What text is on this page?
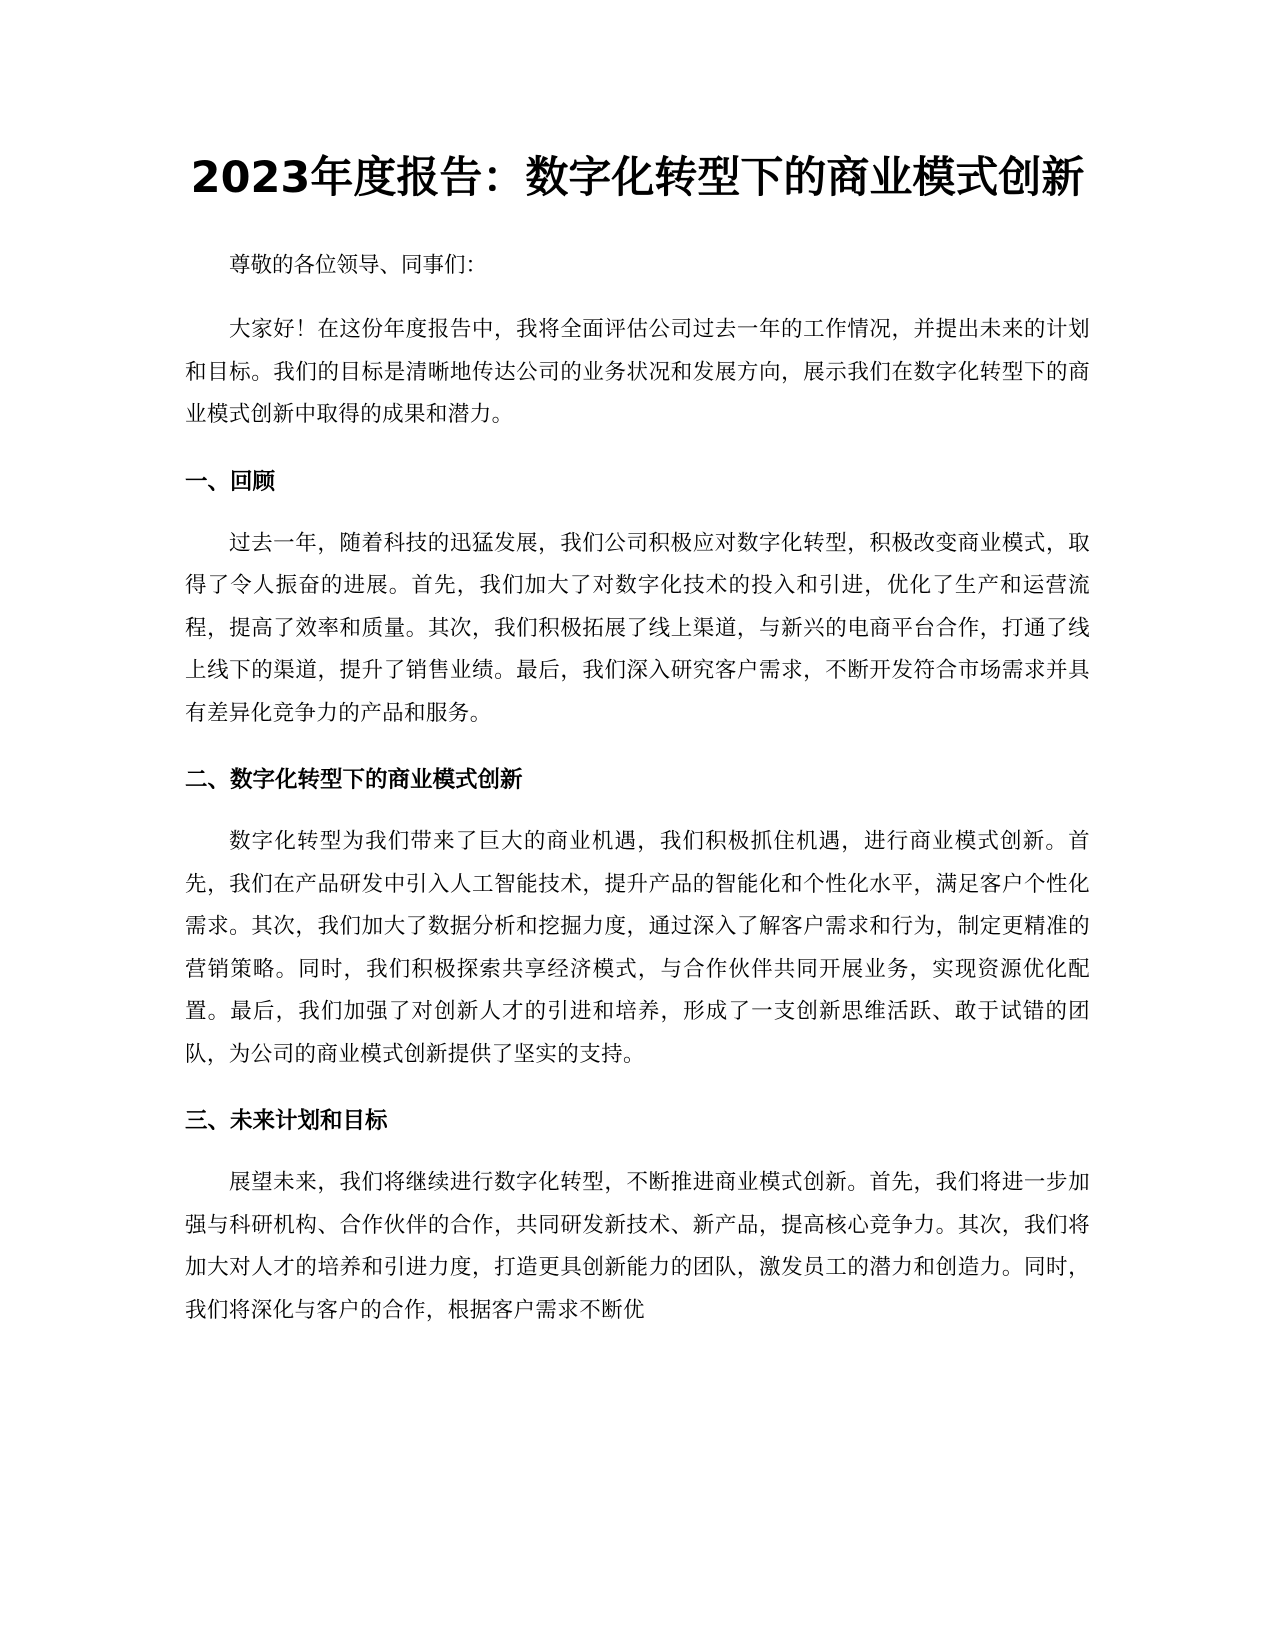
2023年度报告：数字化转型下的商业模式创新

尊敬的各位领导、同事们：

大家好！在这份年度报告中，我将全面评估公司过去一年的工作情况，并提出未来的计划和目标。我们的目标是清晰地传达公司的业务状况和发展方向，展示我们在数字化转型下的商业模式创新中取得的成果和潜力。

一、回顾

过去一年，随着科技的迅猛发展，我们公司积极应对数字化转型，积极改变商业模式，取得了令人振奋的进展。首先，我们加大了对数字化技术的投入和引进，优化了生产和运营流程，提高了效率和质量。其次，我们积极拓展了线上渠道，与新兴的电商平台合作，打通了线上线下的渠道，提升了销售业绩。最后，我们深入研究客户需求，不断开发符合市场需求并具有差异化竞争力的产品和服务。

二、数字化转型下的商业模式创新

数字化转型为我们带来了巨大的商业机遇，我们积极抓住机遇，进行商业模式创新。首先，我们在产品研发中引入人工智能技术，提升产品的智能化和个性化水平，满足客户个性化需求。其次，我们加大了数据分析和挖掘力度，通过深入了解客户需求和行为，制定更精准的营销策略。同时，我们积极探索共享经济模式，与合作伙伴共同开展业务，实现资源优化配置。最后，我们加强了对创新人才的引进和培养，形成了一支创新思维活跃、敢于试错的团队，为公司的商业模式创新提供了坚实的支持。

三、未来计划和目标

展望未来，我们将继续进行数字化转型，不断推进商业模式创新。首先，我们将进一步加强与科研机构、合作伙伴的合作，共同研发新技术、新产品，提高核心竞争力。其次，我们将加大对人才的培养和引进力度，打造更具创新能力的团队，激发员工的潜力和创造力。同时，我们将深化与客户的合作，根据客户需求不断优
